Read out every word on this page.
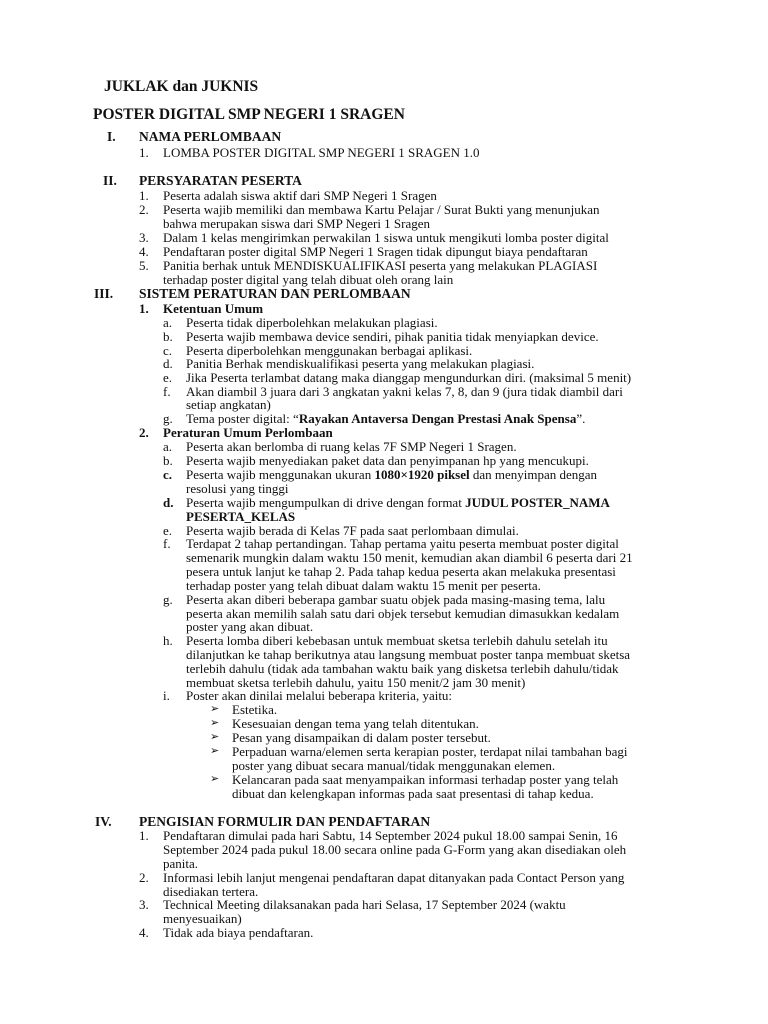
JUKLAK dan JUKNIS
POSTER DIGITAL SMP NEGERI 1 SRAGEN
I. NAMA PERLOMBAAN
1. LOMBA POSTER DIGITAL SMP NEGERI 1 SRAGEN 1.0
II. PERSYARATAN PESERTA
1. Peserta adalah siswa aktif dari SMP Negeri 1 Sragen
2. Peserta wajib memiliki dan membawa Kartu Pelajar / Surat Bukti yang menunjukan
bahwa merupakan siswa dari SMP Negeri 1 Sragen
3. Dalam 1 kelas mengirimkan perwakilan 1 siswa untuk mengikuti lomba poster digital
4. Pendaftaran poster digital SMP Negeri 1 Sragen tidak dipungut biaya pendaftaran
5. Panitia berhak untuk MENDISKUALIFIKASI peserta yang melakukan PLAGIASI
terhadap poster digital yang telah dibuat oleh orang lain
III. SISTEM PERATURAN DAN PERLOMBAAN
1. Ketentuan Umum
a. Peserta tidak diperbolehkan melakukan plagiasi.
b. Peserta wajib membawa device sendiri, pihak panitia tidak menyiapkan device.
c. Peserta diperbolehkan menggunakan berbagai aplikasi.
d. Panitia Berhak mendiskualifikasi peserta yang melakukan plagiasi.
e. Jika Peserta terlambat datang maka dianggap mengundurkan diri. (maksimal 5 menit)
f. Akan diambil 3 juara dari 3 angkatan yakni kelas 7, 8, dan 9 (jura tidak diambil dari
setiap angkatan)
g. Tema poster digital: “Rayakan Antaversa Dengan Prestasi Anak Spensa”.
2. Peraturan Umum Perlombaan
a. Peserta akan berlomba di ruang kelas 7F SMP Negeri 1 Sragen.
b. Peserta wajib menyediakan paket data dan penyimpanan hp yang mencukupi.
c. Peserta wajib menggunakan ukuran 1080×1920 piksel dan menyimpan dengan
resolusi yang tinggi
d. Peserta wajib mengumpulkan di drive dengan format JUDUL POSTER_NAMA
PESERTA_KELAS
e. Peserta wajib berada di Kelas 7F pada saat perlombaan dimulai.
f. Terdapat 2 tahap pertandingan. Tahap pertama yaitu peserta membuat poster digital
semenarik mungkin dalam waktu 150 menit, kemudian akan diambil 6 peserta dari 21
pesera untuk lanjut ke tahap 2. Pada tahap kedua peserta akan melakuka presentasi
terhadap poster yang telah dibuat dalam waktu 15 menit per peserta.
g. Peserta akan diberi beberapa gambar suatu objek pada masing-masing tema, lalu
peserta akan memilih salah satu dari objek tersebut kemudian dimasukkan kedalam
poster yang akan dibuat.
h. Peserta lomba diberi kebebasan untuk membuat sketsa terlebih dahulu setelah itu
dilanjutkan ke tahap berikutnya atau langsung membuat poster tanpa membuat sketsa
terlebih dahulu (tidak ada tambahan waktu baik yang disketsa terlebih dahulu/tidak
membuat sketsa terlebih dahulu, yaitu 150 menit/2 jam 30 menit)
i. Poster akan dinilai melalui beberapa kriteria, yaitu:
➢ Estetika.
➢ Kesesuaian dengan tema yang telah ditentukan.
➢ Pesan yang disampaikan di dalam poster tersebut.
➢ Perpaduan warna/elemen serta kerapian poster, terdapat nilai tambahan bagi
poster yang dibuat secara manual/tidak menggunakan elemen.
➢ Kelancaran pada saat menyampaikan informasi terhadap poster yang telah
dibuat dan kelengkapan informas pada saat presentasi di tahap kedua.
IV. PENGISIAN FORMULIR DAN PENDAFTARAN
1. Pendaftaran dimulai pada hari Sabtu, 14 September 2024 pukul 18.00 sampai Senin, 16
September 2024 pada pukul 18.00 secara online pada G-Form yang akan disediakan oleh
panita.
2. Informasi lebih lanjut mengenai pendaftaran dapat ditanyakan pada Contact Person yang
disediakan tertera.
3. Technical Meeting dilaksanakan pada hari Selasa, 17 September 2024 (waktu
menyesuaikan)
4. Tidak ada biaya pendaftaran.
